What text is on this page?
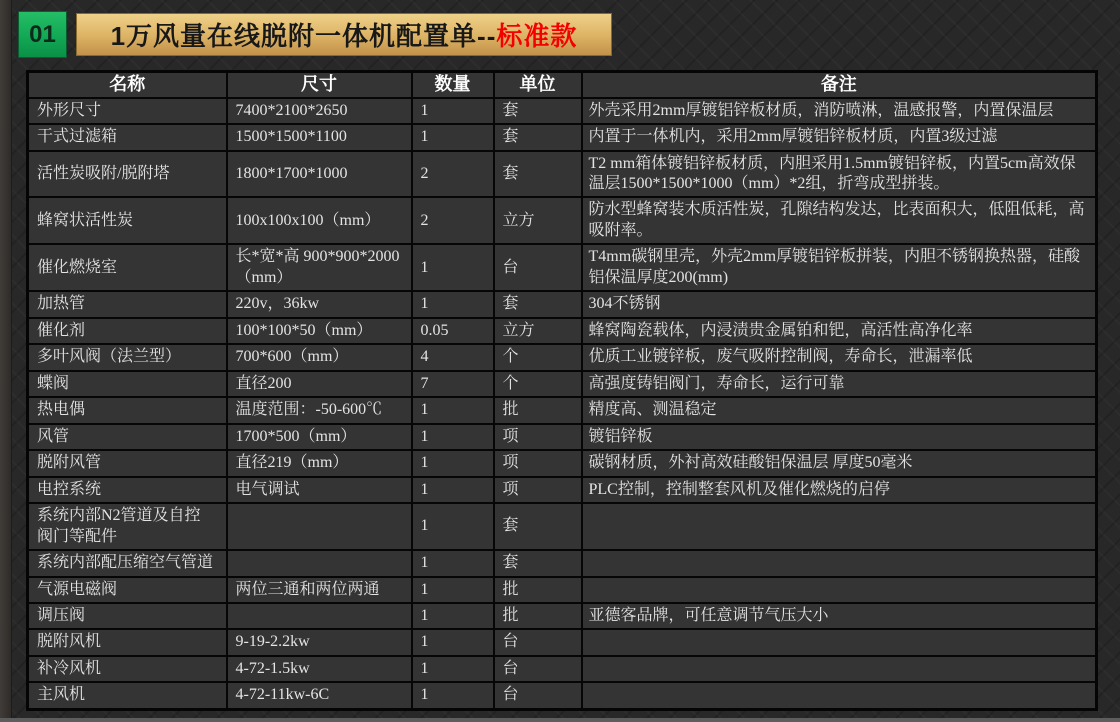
01 1万风量在线脱附一体机配置单-- 标准款
名称	尺寸	数量	单位	备注
外形尺寸	7400*2100*2650	1	套	外壳采用2mm厚镀铝锌板材质，消防喷淋，温感报警，内置保温层
干式过滤箱	1500*1500*1100	1	套	内置于一体机内，采用2mm厚镀铝锌板材质，内置3级过滤
活性炭吸附/脱附塔	1800*1700*1000	2	套	T2 mm箱体镀铝锌板材质，内胆采用1.5mm镀铝锌板，内置5cm高效保温层1500*1500*1000（mm）*2组，折弯成型拼装。
蜂窝状活性炭	100x100x100（mm）	2	立方	防水型蜂窝装木质活性炭，孔隙结构发达，比表面积大，低阻低耗，高吸附率。
催化燃烧室	长*宽*高 900*900*2000（mm）	1	台	T4mm碳钢里壳，外壳2mm厚镀铝锌板拼装，内胆不锈钢换热器，硅酸铝保温厚度200(mm)
加热管	220v，36kw	1	套	304不锈钢
催化剂	100*100*50（mm）	0.05	立方	蜂窝陶瓷载体，内浸渍贵金属铂和钯，高活性高净化率
多叶风阀（法兰型）	700*600（mm）	4	个	优质工业镀锌板，废气吸附控制阀，寿命长，泄漏率低
蝶阀	直径200	7	个	高强度铸铝阀门，寿命长，运行可靠
热电偶	温度范围：-50-600℃	1	批	精度高、测温稳定
风管	1700*500（mm）	1	项	镀铝锌板
脱附风管	直径219（mm）	1	项	碳钢材质，外衬高效硅酸铝保温层 厚度50毫米
电控系统	电气调试	1	项	PLC控制，控制整套风机及催化燃烧的启停
系统内部N2管道及自控阀门等配件		1	套	
系统内部配压缩空气管道		1	套	
气源电磁阀	两位三通和两位两通	1	批	
调压阀		1	批	亚德客品牌，可任意调节气压大小
脱附风机	9-19-2.2kw	1	台	
补冷风机	4-72-1.5kw	1	台	
主风机	4-72-11kw-6C	1	台	
